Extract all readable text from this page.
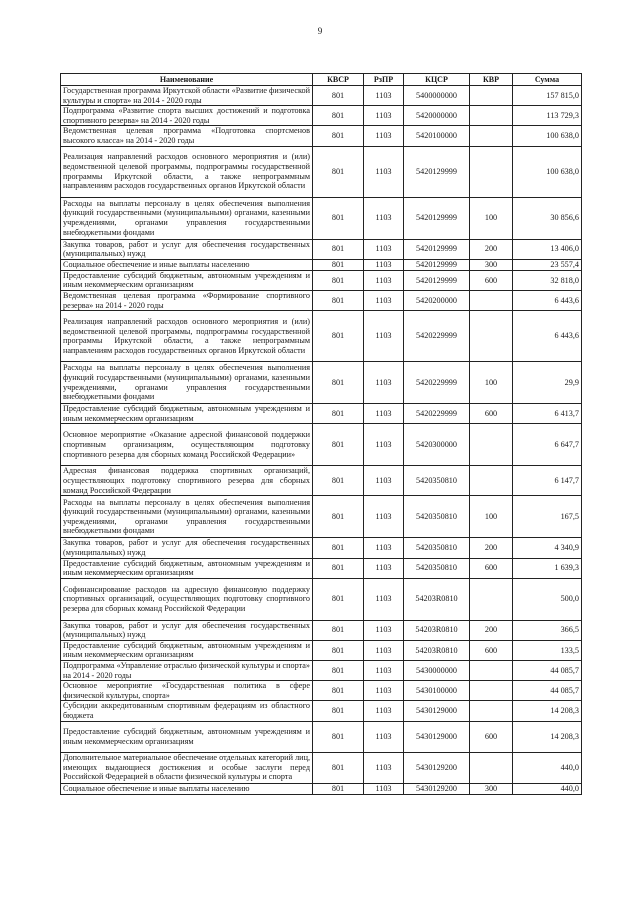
9
Наименование	КВСР	РзПР	КЦСР	КВР	Сумма
Государственная программа Иркутской области «Развитие физической культуры и спорта» на 2014 - 2020 годы	801	1103	5400000000		157 815,0
Подпрограмма «Развитие спорта высших достижений и подготовка спортивного резерва» на 2014 - 2020 годы	801	1103	5420000000		113 729,3
Ведомственная целевая программа «Подготовка спортсменов высокого класса» на 2014 - 2020 годы	801	1103	5420100000		100 638,0
Реализация направлений расходов основного мероприятия и (или) ведомственной целевой программы, подпрограммы государственной программы Иркутской области, а также непрограммным направлениям расходов государственных органов Иркутской области	801	1103	5420129999		100 638,0
Расходы на выплаты персоналу в целях обеспечения выполнения функций государственными (муниципальными) органами, казенными учреждениями, органами управления государственными внебюджетными фондами	801	1103	5420129999	100	30 856,6
Закупка товаров, работ и услуг для обеспечения государственных (муниципальных) нужд	801	1103	5420129999	200	13 406,0
Социальное обеспечение и иные выплаты населению	801	1103	5420129999	300	23 557,4
Предоставление субсидий бюджетным, автономным учреждениям и иным некоммерческим организациям	801	1103	5420129999	600	32 818,0
Ведомственная целевая программа «Формирование спортивного резерва» на 2014 - 2020 годы	801	1103	5420200000		6 443,6
Реализация направлений расходов основного мероприятия и (или) ведомственной целевой программы, подпрограммы государственной программы Иркутской области, а также непрограммным направлениям расходов государственных органов Иркутской области	801	1103	5420229999		6 443,6
Расходы на выплаты персоналу в целях обеспечения выполнения функций государственными (муниципальными) органами, казенными учреждениями, органами управления государственными внебюджетными фондами	801	1103	5420229999	100	29,9
Предоставление субсидий бюджетным, автономным учреждениям и иным некоммерческим организациям	801	1103	5420229999	600	6 413,7
Основное мероприятие «Оказание адресной финансовой поддержки спортивным организациям, осуществляющим подготовку спортивного резерва для сборных команд Российской Федерации»	801	1103	5420300000		6 647,7
Адресная финансовая поддержка спортивных организаций, осуществляющих подготовку спортивного резерва для сборных команд Российской Федерации	801	1103	5420350810		6 147,7
Расходы на выплаты персоналу в целях обеспечения выполнения функций государственными (муниципальными) органами, казенными учреждениями, органами управления государственными внебюджетными фондами	801	1103	5420350810	100	167,5
Закупка товаров, работ и услуг для обеспечения государственных (муниципальных) нужд	801	1103	5420350810	200	4 340,9
Предоставление субсидий бюджетным, автономным учреждениям и иным некоммерческим организациям	801	1103	5420350810	600	1 639,3
Софинансирование расходов на адресную финансовую поддержку спортивных организаций, осуществляющих подготовку спортивного резерва для сборных команд Российской Федерации	801	1103	54203R0810		500,0
Закупка товаров, работ и услуг для обеспечения государственных (муниципальных) нужд	801	1103	54203R0810	200	366,5
Предоставление субсидий бюджетным, автономным учреждениям и иным некоммерческим организациям	801	1103	54203R0810	600	133,5
Подпрограмма «Управление отраслью физической культуры и спорта» на 2014 - 2020 годы	801	1103	5430000000		44 085,7
Основное мероприятие «Государственная политика в сфере физической культуры, спорта»	801	1103	5430100000		44 085,7
Субсидии аккредитованным спортивным федерациям из областного бюджета	801	1103	5430129000		14 208,3
Предоставление субсидий бюджетным, автономным учреждениям и иным некоммерческим организациям	801	1103	5430129000	600	14 208,3
Дополнительное материальное обеспечение отдельных категорий лиц, имеющих выдающиеся достижения и особые заслуги перед Российской Федерацией в области физической культуры и спорта	801	1103	5430129200		440,0
Социальное обеспечение и иные выплаты населению	801	1103	5430129200	300	440,0
